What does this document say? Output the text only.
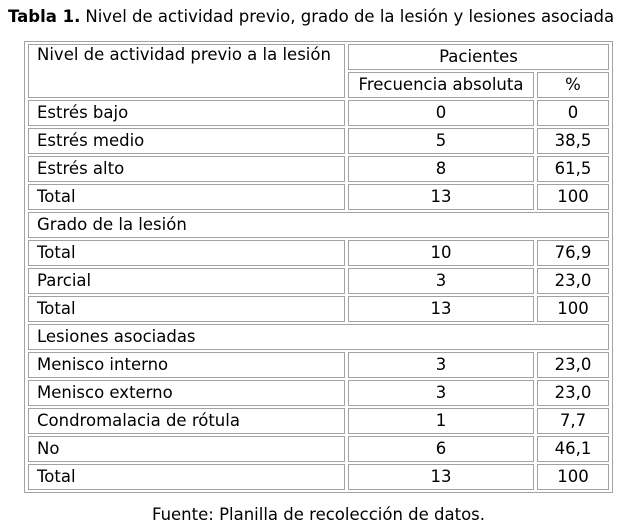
Tabla 1. Nivel de actividad previo, grado de la lesión y lesiones asociada
Nivel de actividad previo a la lesión	Pacientes	
	Frecuencia absoluta	%
Estrés bajo	0	0
Estrés medio	5	38,5
Estrés alto	8	61,5
Total	13	100
Grado de la lesión		
Total	10	76,9
Parcial	3	23,0
Total	13	100
Lesiones asociadas		
Menisco interno	3	23,0
Menisco externo	3	23,0
Condromalacia de rótula	1	7,7
No	6	46,1
Total	13	100
Fuente: Planilla de recolección de datos.
